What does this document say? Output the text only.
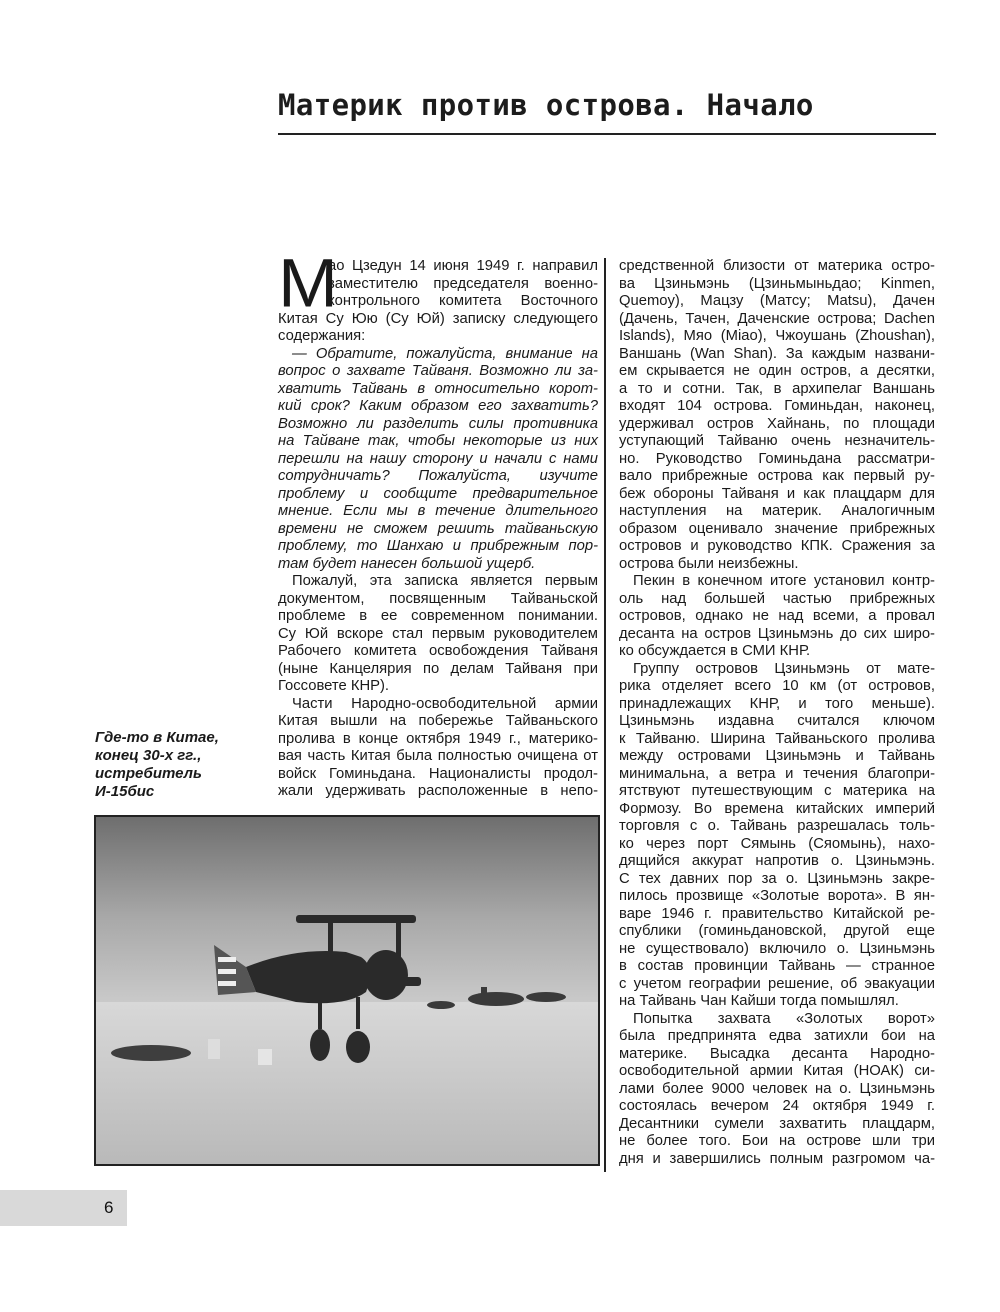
Материк против острова. Начало
М
ао Цзедун 14 июня 1949 г. направил
заместителю председателя военно-
контрольного комитета Восточного
Китая Су Юю (Су Юй) записку следующего
содержания:
— Обратите, пожалуйста, внимание на
вопрос о захвате Тайваня. Возможно ли за-
хватить Тайвань в относительно корот-
кий срок? Каким образом его захватить?
Возможно ли разделить силы противника
на Тайване так, чтобы некоторые из них
перешли на нашу сторону и начали с нами
сотрудничать? Пожалуйста, изучите
проблему и сообщите предварительное
мнение. Если мы в течение длительного
времени не сможем решить тайваньскую
проблему, то Шанхаю и прибрежным пор-
там будет нанесен большой ущерб.
Пожалуй, эта записка является первым
документом, посвященным Тайваньской
проблеме в ее современном понимании.
Су Юй вскоре стал первым руководителем
Рабочего комитета освобождения Тайваня
(ныне Канцелярия по делам Тайваня при
Госсовете КНР).
Части Народно-освободительной армии
Китая вышли на побережье Тайваньского
пролива в конце октября 1949 г., материко-
вая часть Китая была полностью очищена от
войск Гоминьдана. Националисты продол-
жали удерживать расположенные в непо-
средственной близости от материка остро-
ва Цзиньмэнь (Цзиньмыньдао; Kinmen,
Quemoy), Мацзу (Матсу; Matsu), Дачен
(Дачень, Тачен, Даченские острова; Dachen
Islands), Мяо (Miao), Чжоушань (Zhoushan),
Ваншань (Wan Shan). За каждым названи-
ем скрывается не один остров, а десятки,
а то и сотни. Так, в архипелаг Ваншань
входят 104 острова. Гоминьдан, наконец,
удерживал остров Хайнань, по площади
уступающий Тайваню очень незначитель-
но. Руководство Гоминьдана рассматри-
вало прибрежные острова как первый ру-
беж обороны Тайваня и как плацдарм для
наступления на материк. Аналогичным
образом оценивало значение прибрежных
островов и руководство КПК. Сражения за
острова были неизбежны.
Пекин в конечном итоге установил контр-
оль над большей частью прибрежных
островов, однако не над всеми, а провал
десанта на остров Цзиньмэнь до сих широ-
ко обсуждается в СМИ КНР.
Группу островов Цзиньмэнь от мате-
рика отделяет всего 10 км (от островов,
принадлежащих КНР, и того меньше).
Цзиньмэнь издавна считался ключом
к Тайваню. Ширина Тайваньского пролива
между островами Цзиньмэнь и Тайвань
минимальна, а ветра и течения благопри-
ятствуют путешествующим с материка на
Формозу. Во времена китайских империй
торговля с о. Тайвань разрешалась толь-
ко через порт Сямынь (Сяомынь), нахо-
дящийся аккурат напротив о. Цзиньмэнь.
С тех давних пор за о. Цзиньмэнь закре-
пилось прозвище «Золотые ворота». В ян-
варе 1946 г. правительство Китайской ре-
спублики (гоминьдановской, другой еще
не существовало) включило о. Цзиньмэнь
в состав провинции Тайвань — странное
с учетом географии решение, об эвакуации
на Тайвань Чан Кайши тогда помышлял.
Попытка захвата «Золотых ворот»
была предпринята едва затихли бои на
материке. Высадка десанта Народно-
освободительной армии Китая (НОАК) си-
лами более 9000 человек на о. Цзиньмэнь
состоялась вечером 24 октября 1949 г.
Десантники сумели захватить плацдарм,
не более того. Бои на острове шли три
дня и завершились полным разгромом ча-
Где-то в Китае,
конец 30-х гг.,
истребитель
И-15бис
6
